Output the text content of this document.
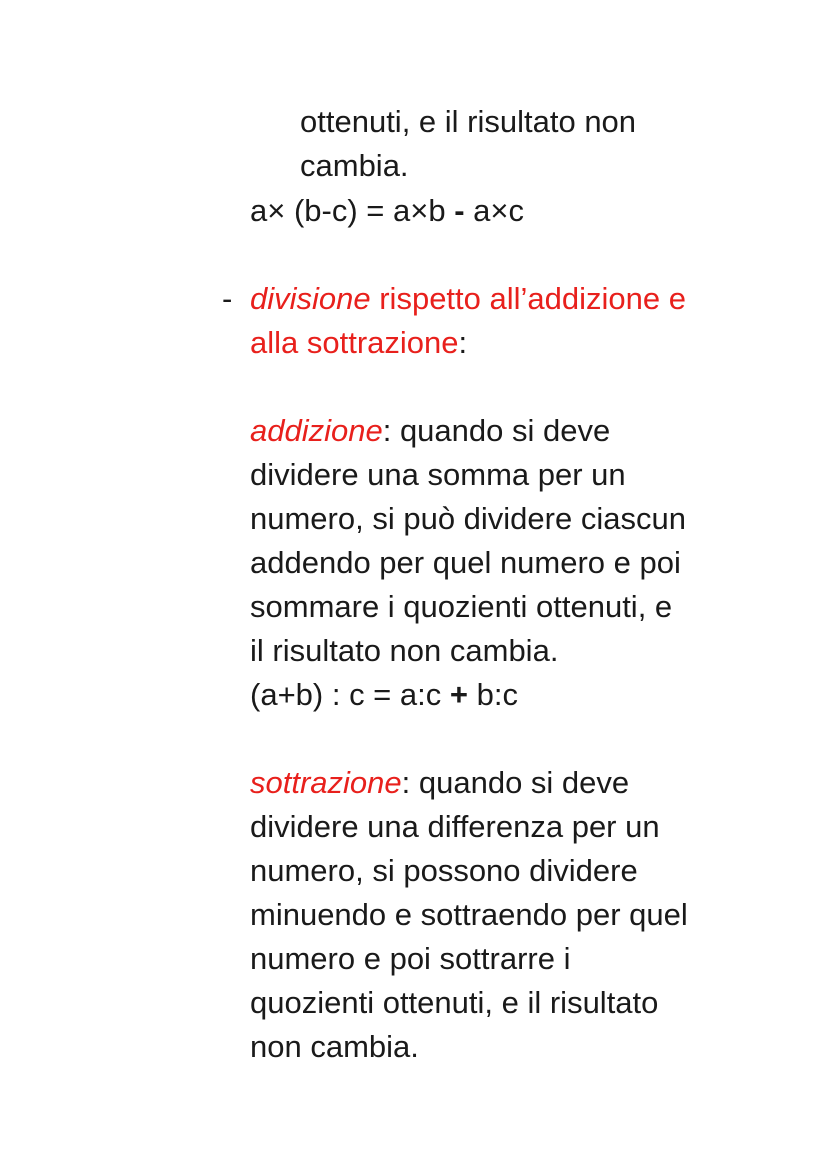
ottenuti, e il risultato non
cambia.
a× (b-c) = a×b - a×c
- divisione rispetto all’addizione e
alla sottrazione:
addizione: quando si deve
dividere una somma per un
numero, si può dividere ciascun
addendo per quel numero e poi
sommare i quozienti ottenuti, e
il risultato non cambia.
(a+b) : c = a:c + b:c
sottrazione: quando si deve
dividere una differenza per un
numero, si possono dividere
minuendo e sottraendo per quel
numero e poi sottrarre i
quozienti ottenuti, e il risultato
non cambia.
